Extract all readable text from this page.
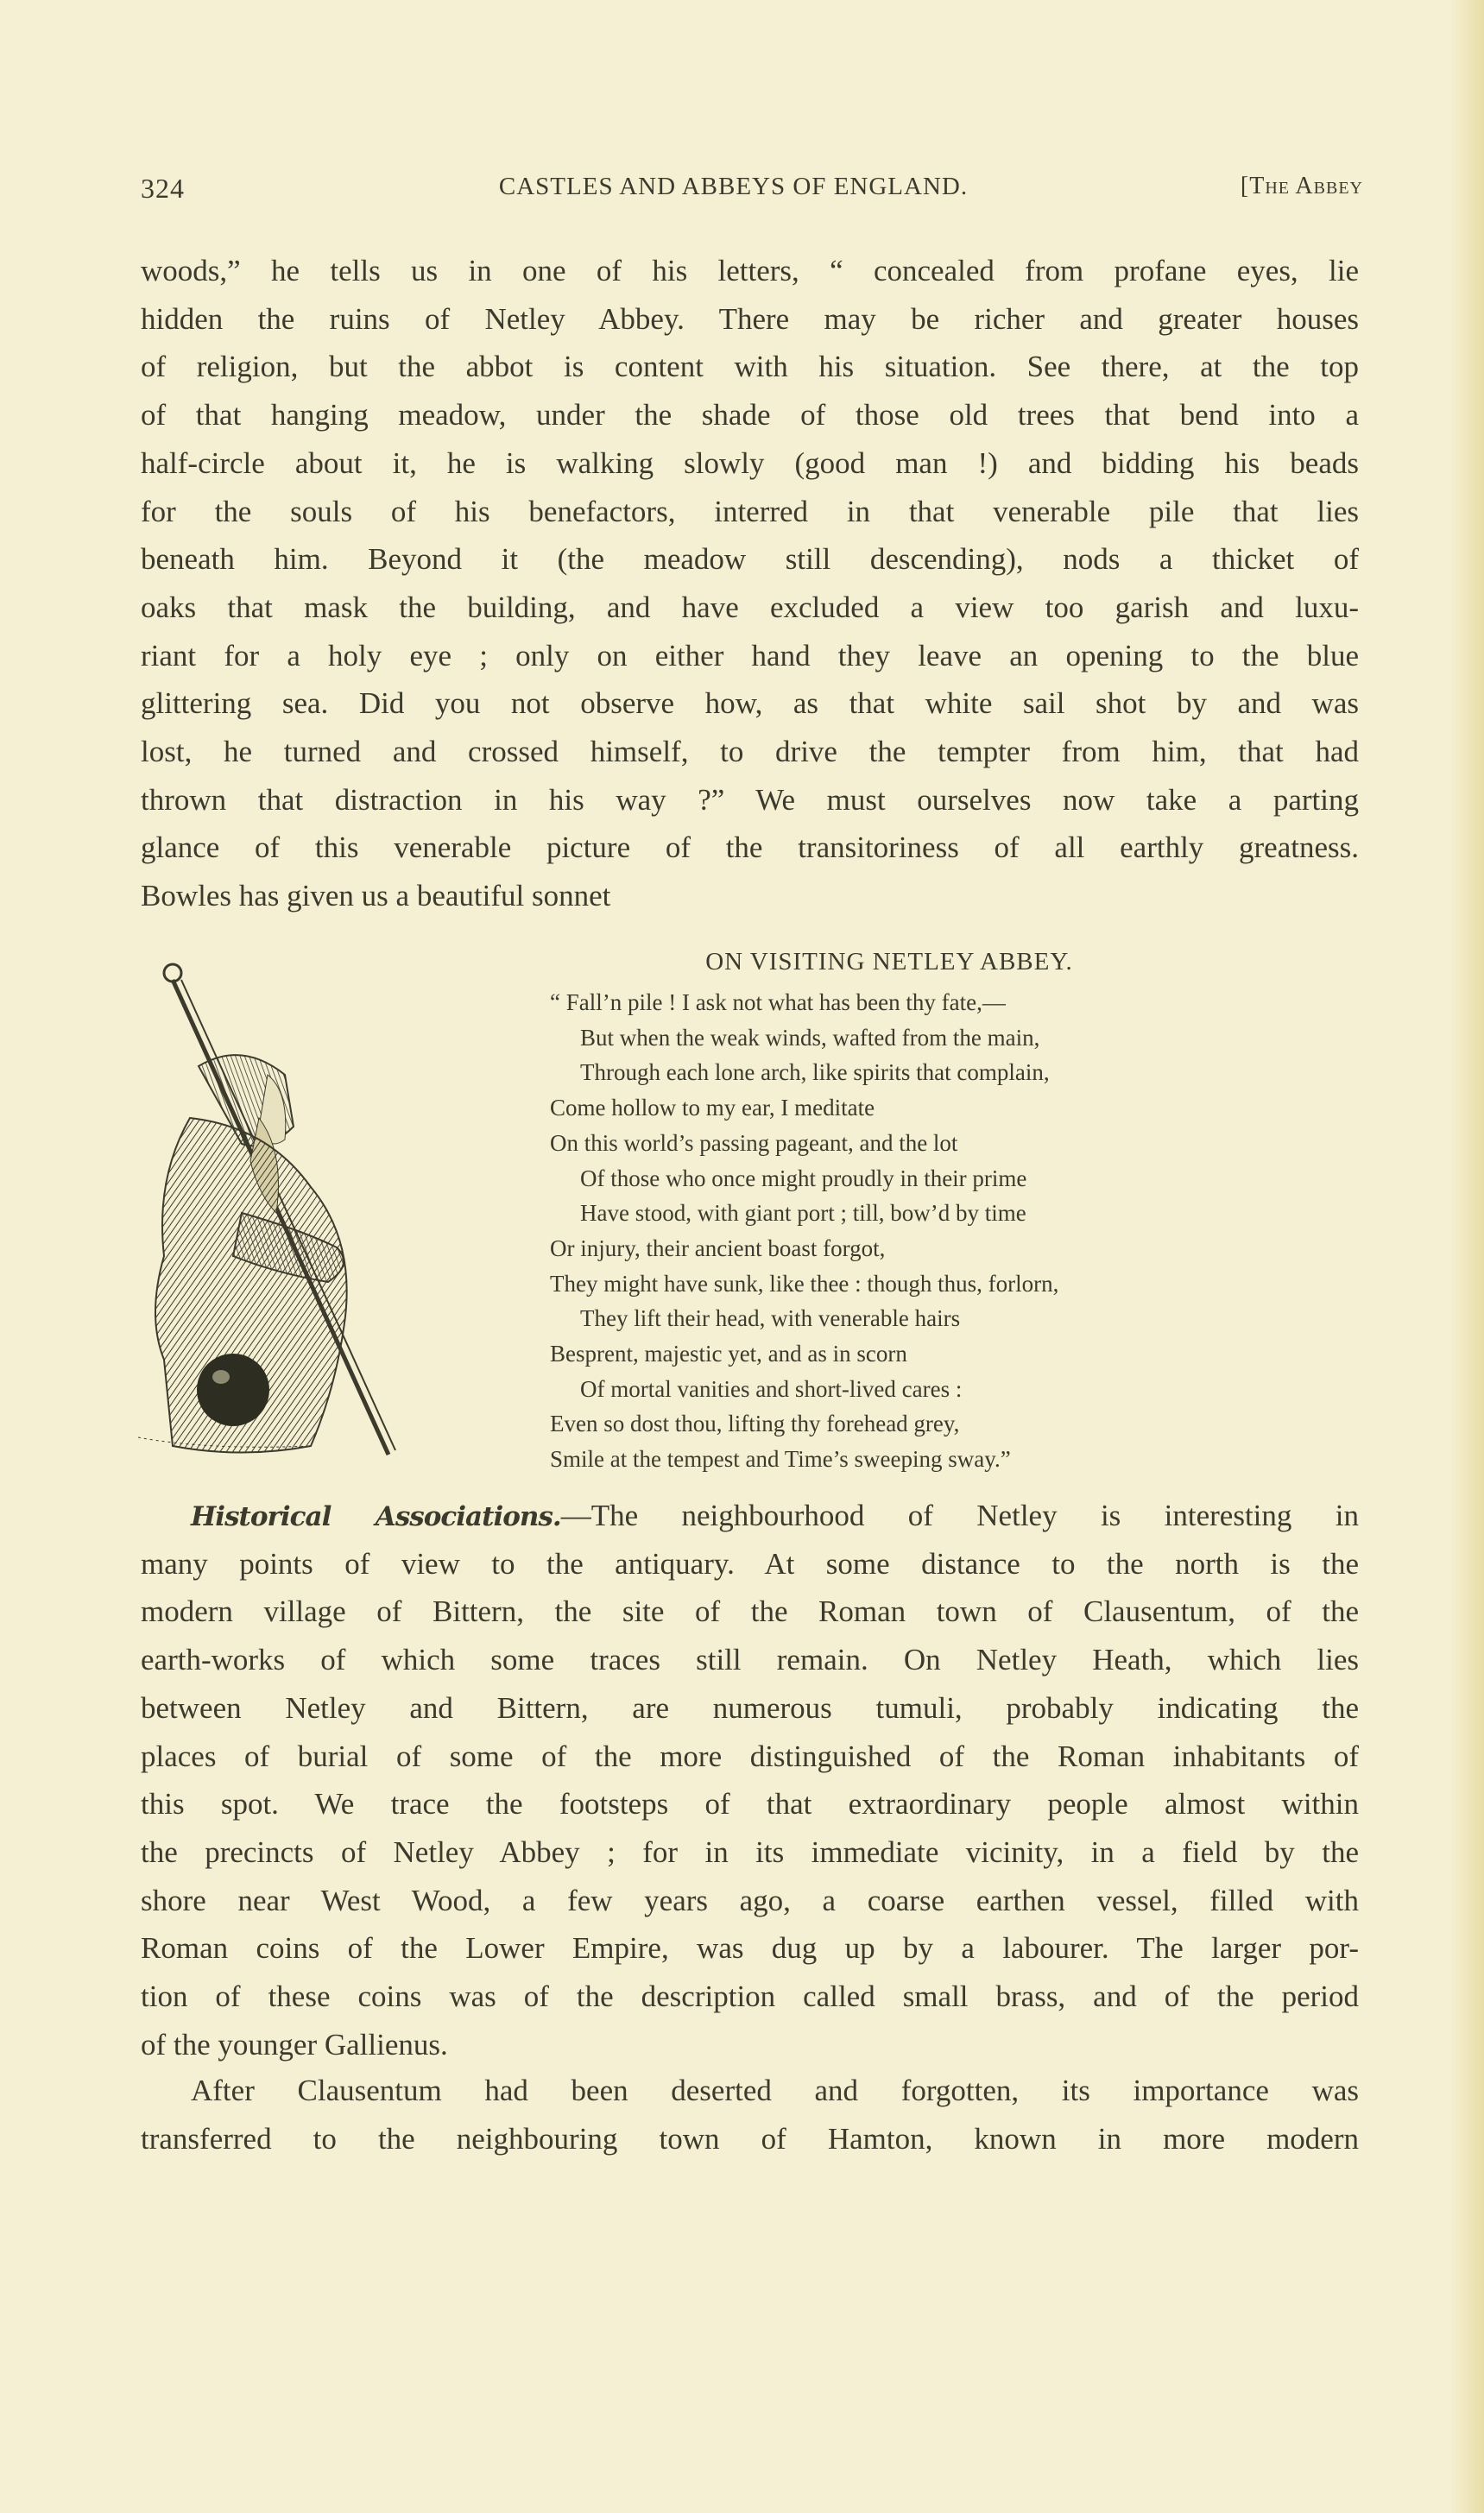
324	CASTLES AND ABBEYS OF ENGLAND.	[The Abbey
woods,” he tells us in one of his letters, “ concealed from profane eyes, lie
hidden the ruins of Netley Abbey. There may be richer and greater houses
of religion, but the abbot is content with his situation. See there, at the top
of that hanging meadow, under the shade of those old trees that bend into a
half-circle about it, he is walking slowly (good man !) and bidding his beads
for the souls of his benefactors, interred in that venerable pile that lies
beneath him. Beyond it (the meadow still descending), nods a thicket of
oaks that mask the building, and have excluded a view too garish and luxu-
riant for a holy eye ; only on either hand they leave an opening to the blue
glittering sea. Did you not observe how, as that white sail shot by and was
lost, he turned and crossed himself, to drive the tempter from him, that had
thrown that distraction in his way ?” We must ourselves now take a parting
glance of this venerable picture of the transitoriness of all earthly greatness.
Bowles has given us a beautiful sonnet
ON VISITING NETLEY ABBEY.
“ Fall’n pile ! I ask not what has been thy fate,—
But when the weak winds, wafted from the main,
Through each lone arch, like spirits that complain,
Come hollow to my ear, I meditate
On this world’s passing pageant, and the lot
Of those who once might proudly in their prime
Have stood, with giant port ; till, bow’d by time
Or injury, their ancient boast forgot,
They might have sunk, like thee : though thus, forlorn,
They lift their head, with venerable hairs
Besprent, majestic yet, and as in scorn
Of mortal vanities and short-lived cares :
Even so dost thou, lifting thy forehead grey,
Smile at the tempest and Time’s sweeping sway.”
Historical Associations.—The neighbourhood of Netley is interesting in
many points of view to the antiquary. At some distance to the north is the
modern village of Bittern, the site of the Roman town of Clausentum, of the
earth-works of which some traces still remain. On Netley Heath, which lies
between Netley and Bittern, are numerous tumuli, probably indicating the
places of burial of some of the more distinguished of the Roman inhabitants of
this spot. We trace the footsteps of that extraordinary people almost within
the precincts of Netley Abbey ; for in its immediate vicinity, in a field by the
shore near West Wood, a few years ago, a coarse earthen vessel, filled with
Roman coins of the Lower Empire, was dug up by a labourer. The larger por-
tion of these coins was of the description called small brass, and of the period
of the younger Gallienus.
After Clausentum had been deserted and forgotten, its importance was
transferred to the neighbouring town of Hamton, known in more modern
